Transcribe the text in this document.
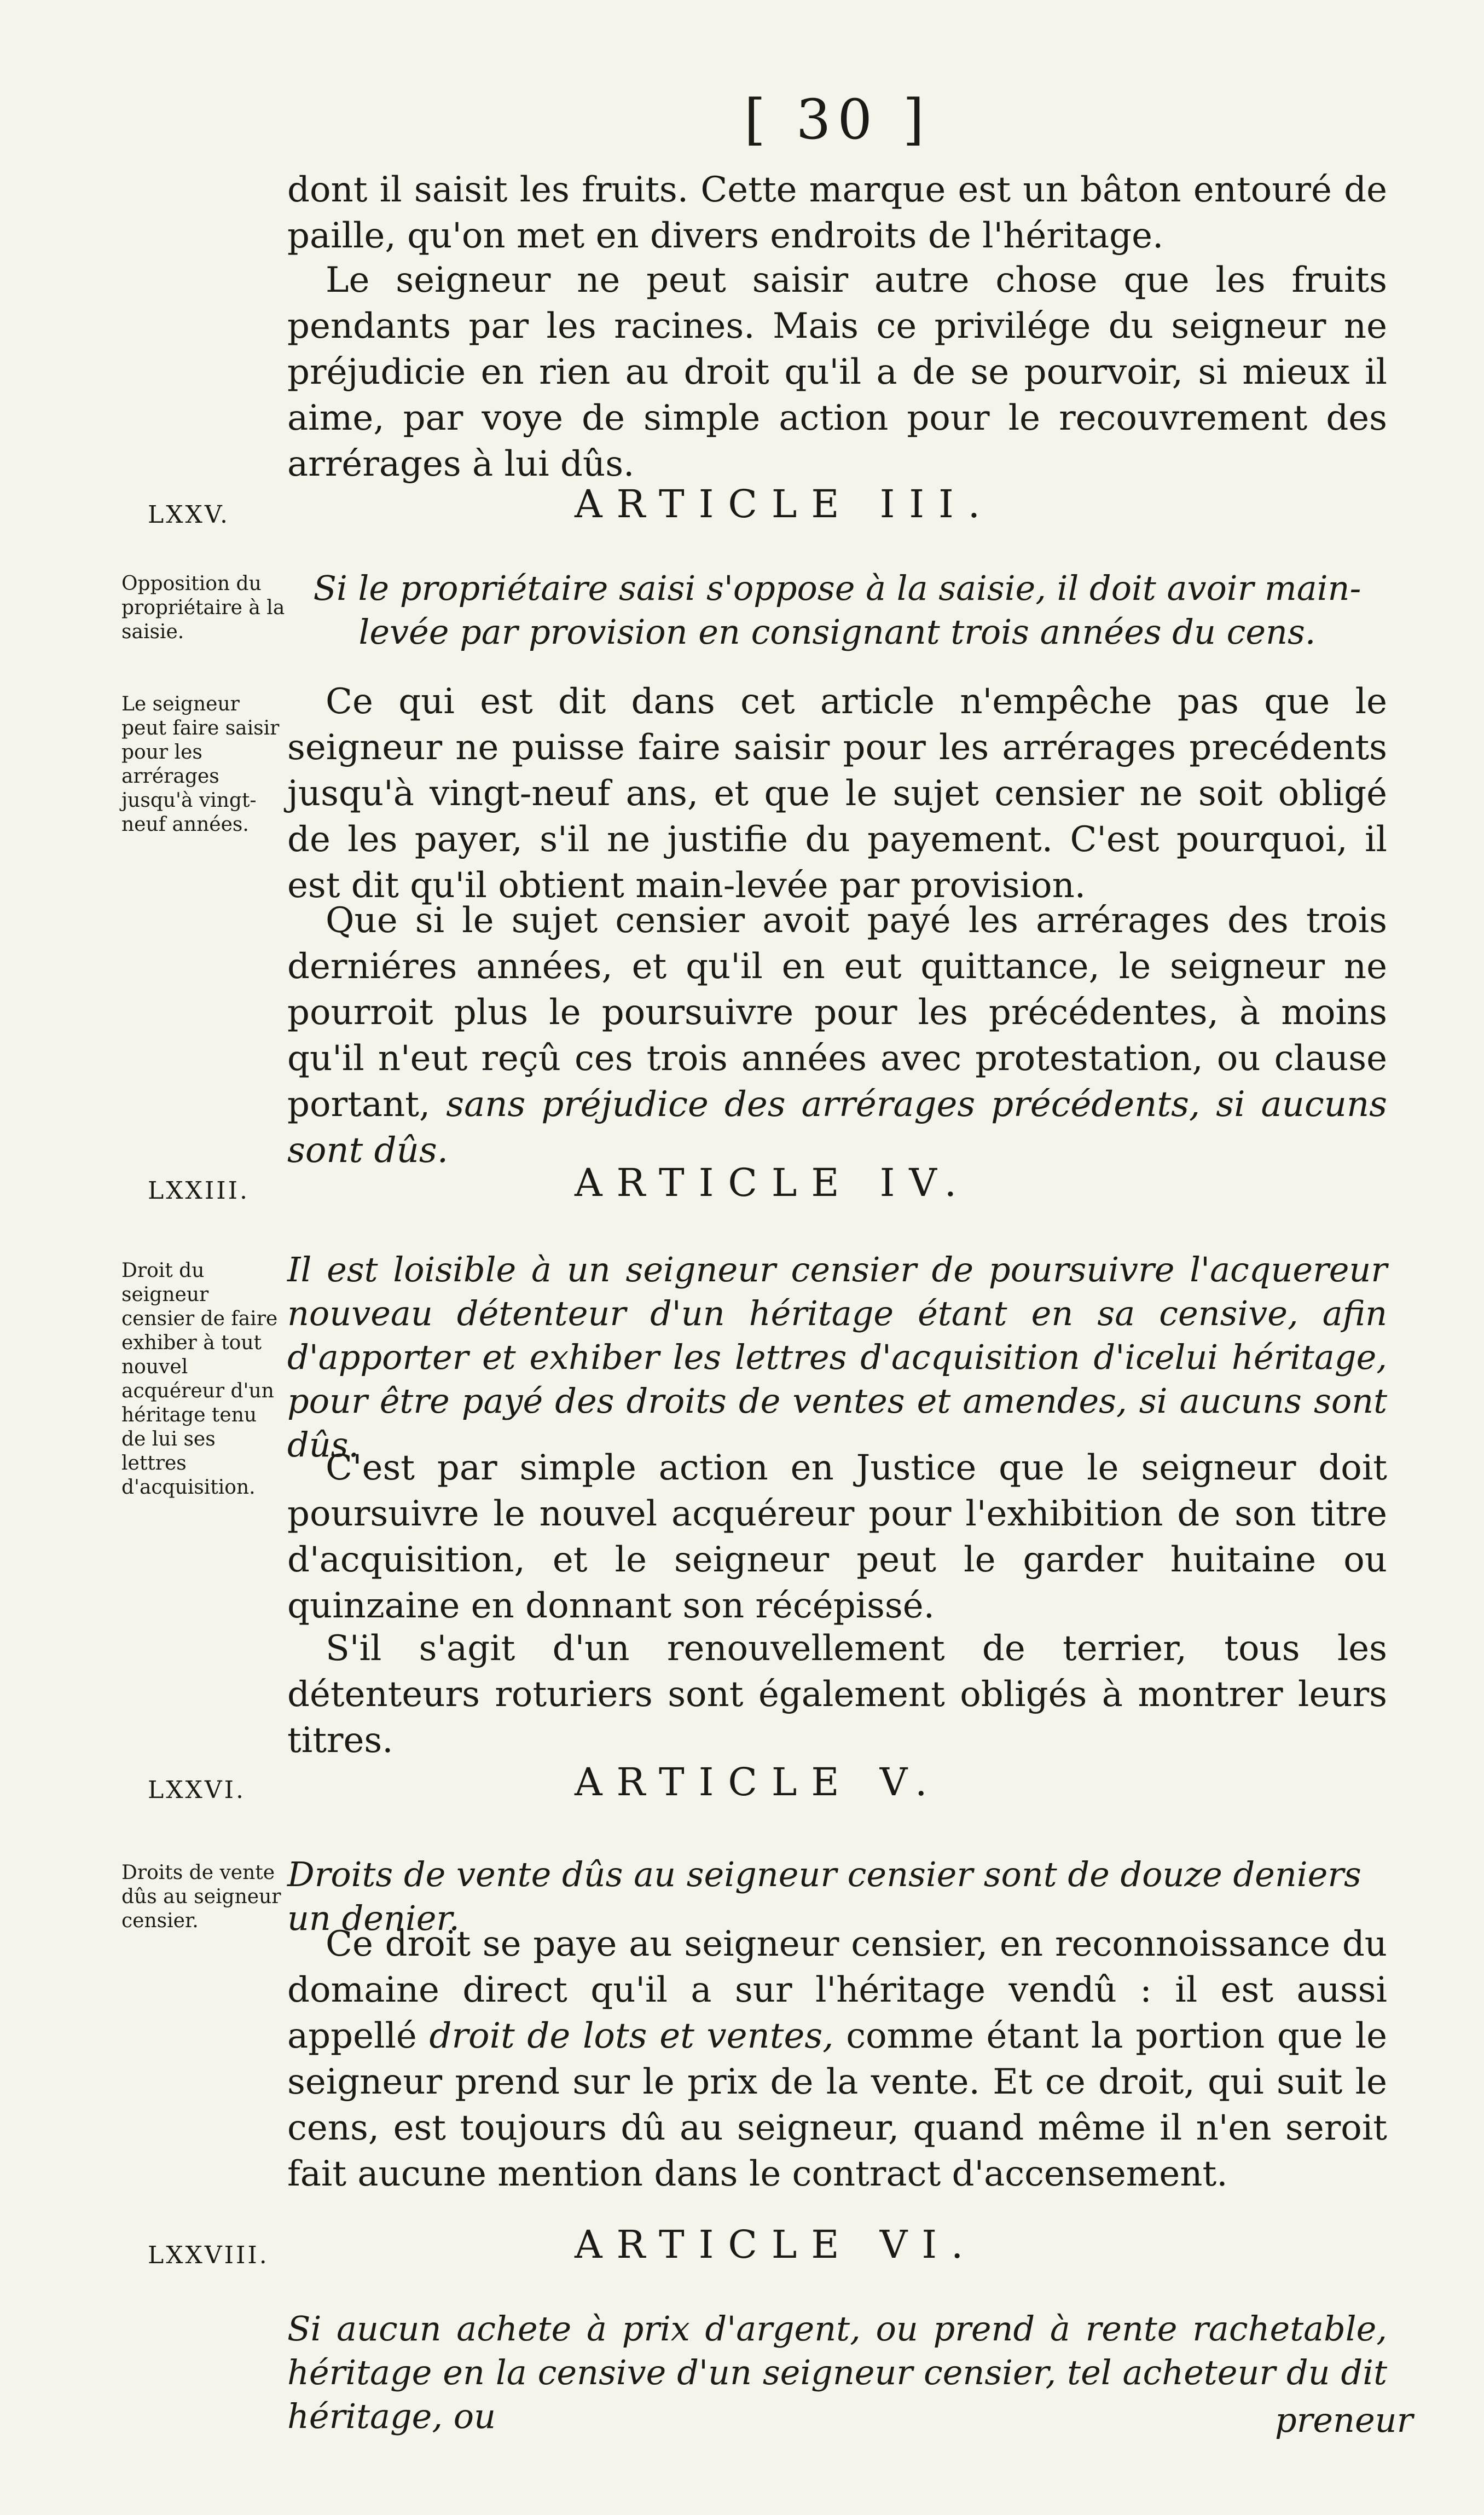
[ 30 ]

dont il saisit les fruits. Cette marque est un bâton entouré de paille, qu'on met en divers endroits de l'héritage.

Le seigneur ne peut saisir autre chose que les fruits pendants par les racines. Mais ce privilége du seigneur ne préjudicie en rien au droit qu'il a de se pourvoir, si mieux il aime, par voye de simple action pour le recouvrement des arrérages à lui dûs.

LXXV.	ARTICLE III.
Opposition du propriétaire à la saisie.

Si le propriétaire saisi s'oppose à la saisie, il doit avoir main-levée par provision en consignant trois années du cens.

Le seigneur peut faire saisir pour les arrérages jusqu'à vingt-neuf années.

Ce qui est dit dans cet article n'empêche pas que le seigneur ne puisse faire saisir pour les arrérages precédents jusqu'à vingt-neuf ans, et que le sujet censier ne soit obligé de les payer, s'il ne justifie du payement. C'est pourquoi, il est dit qu'il obtient main-levée par provision.

Que si le sujet censier avoit payé les arrérages des trois derniéres années, et qu'il en eut quittance, le seigneur ne pourroit plus le poursuivre pour les précédentes, à moins qu'il n'eut reçû ces trois années avec protestation, ou clause portant, sans préjudice des arrérages précédents, si aucuns sont dûs.

LXXIII.	ARTICLE IV.
Droit du seigneur censier de faire exhiber à tout nouvel acquéreur d'un héritage tenu de lui ses lettres d'acquisition.

Il est loisible à un seigneur censier de poursuivre l'acquereur nouveau détenteur d'un héritage étant en sa censive, afin d'apporter et exhiber les lettres d'acquisition d'icelui héritage, pour être payé des droits de ventes et amendes, si aucuns sont dûs.

C'est par simple action en Justice que le seigneur doit poursuivre le nouvel acquéreur pour l'exhibition de son titre d'acquisition, et le seigneur peut le garder huitaine ou quinzaine en donnant son récépissé.

S'il s'agit d'un renouvellement de terrier, tous les détenteurs roturiers sont également obligés à montrer leurs titres.

LXXVI.	ARTICLE V.
Droits de vente dûs au seigneur censier.

Droits de vente dûs au seigneur censier sont de douze deniers un denier.

Ce droit se paye au seigneur censier, en reconnoissance du domaine direct qu'il a sur l'héritage vendû : il est aussi appellé droit de lots et ventes, comme étant la portion que le seigneur prend sur le prix de la vente. Et ce droit, qui suit le cens, est toujours dû au seigneur, quand même il n'en seroit fait aucune mention dans le contract d'accensement.

LXXVIII.	ARTICLE VI.

Si aucun achete à prix d'argent, ou prend à rente rachetable, héritage en la censive d'un seigneur censier, tel acheteur du dit héritage, ou	preneur
